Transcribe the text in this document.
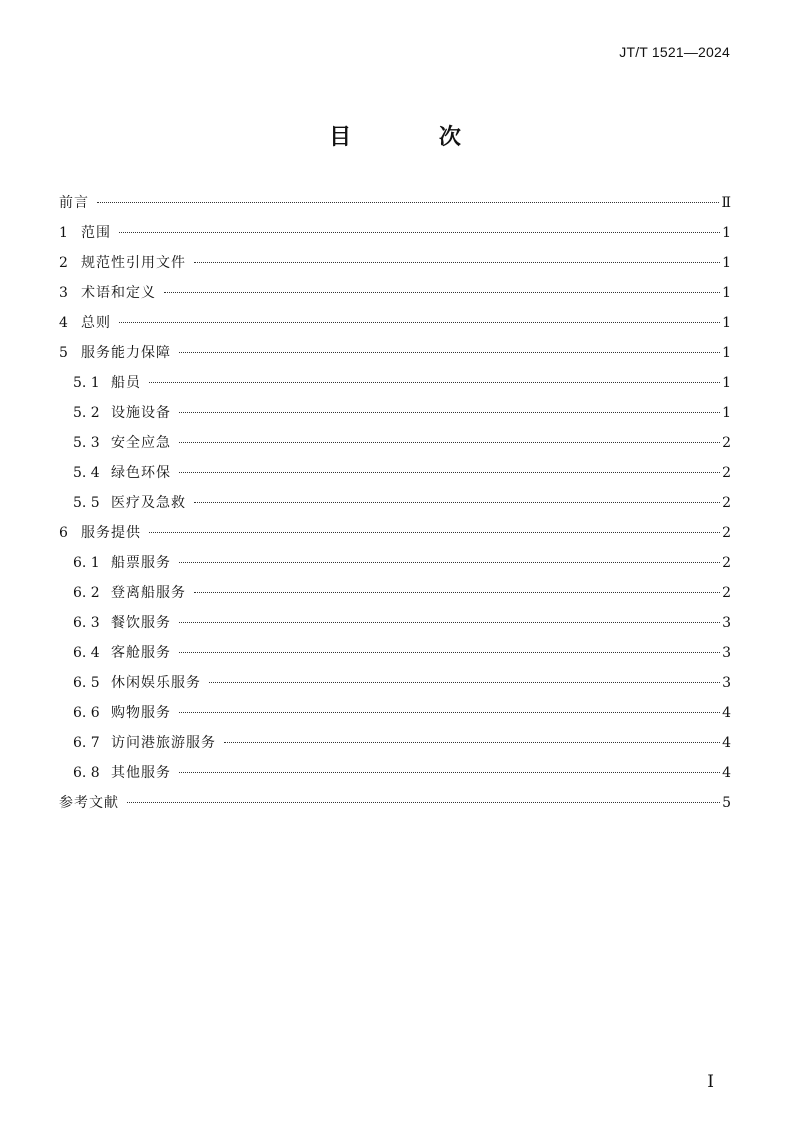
JT/T 1521—2024
目 次
前言	Ⅱ
1 范围	1
2 规范性引用文件	1
3 术语和定义	1
4 总则	1
5 服务能力保障	1
5. 1 船员	1
5. 2 设施设备	1
5. 3 安全应急	2
5. 4 绿色环保	2
5. 5 医疗及急救	2
6 服务提供	2
6. 1 船票服务	2
6. 2 登离船服务	2
6. 3 餐饮服务	3
6. 4 客舱服务	3
6. 5 休闲娱乐服务	3
6. 6 购物服务	4
6. 7 访问港旅游服务	4
6. 8 其他服务	4
参考文献	5
I
